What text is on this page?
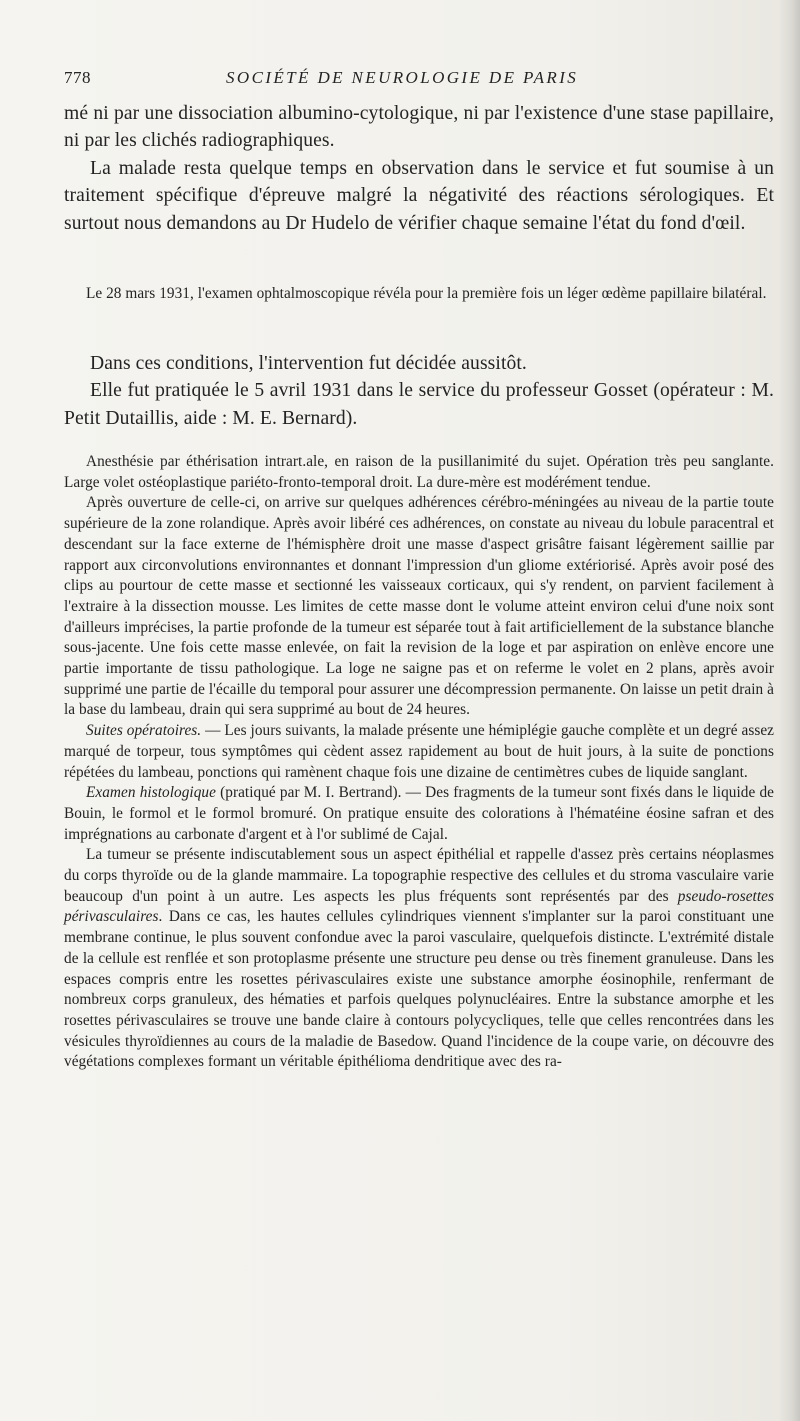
778	SOCIÉTÉ DE NEUROLOGIE DE PARIS

mé ni par une dissociation albumino-cytologique, ni par l'existence d'une stase papillaire, ni par les clichés radiographiques.

La malade resta quelque temps en observation dans le service et fut soumise à un traitement spécifique d'épreuve malgré la négativité des réactions sérologiques. Et surtout nous demandons au Dr Hudelo de vérifier chaque semaine l'état du fond d'œil.

Le 28 mars 1931, l'examen ophtalmoscopique révéla pour la première fois un léger œdème papillaire bilatéral.

Dans ces conditions, l'intervention fut décidée aussitôt.

Elle fut pratiquée le 5 avril 1931 dans le service du professeur Gosset (opérateur : M. Petit Dutaillis, aide : M. E. Bernard).

Anesthésie par éthérisation intrart.ale, en raison de la pusillanimité du sujet. Opération très peu sanglante. Large volet ostéoplastique pariéto-fronto-temporal droit. La dure-mère est modérément tendue.

Après ouverture de celle-ci, on arrive sur quelques adhérences cérébro-méningées au niveau de la partie toute supérieure de la zone rolandique. Après avoir libéré ces adhérences, on constate au niveau du lobule paracentral et descendant sur la face externe de l'hémisphère droit une masse d'aspect grisâtre faisant légèrement saillie par rapport aux circonvolutions environnantes et donnant l'impression d'un gliome extériorisé. Après avoir posé des clips au pourtour de cette masse et sectionné les vaisseaux corticaux, qui s'y rendent, on parvient facilement à l'extraire à la dissection mousse. Les limites de cette masse dont le volume atteint environ celui d'une noix sont d'ailleurs imprécises, la partie profonde de la tumeur est séparée tout à fait artificiellement de la substance blanche sous-jacente. Une fois cette masse enlevée, on fait la revision de la loge et par aspiration on enlève encore une partie importante de tissu pathologique. La loge ne saigne pas et on referme le volet en 2 plans, après avoir supprimé une partie de l'écaille du temporal pour assurer une décompression permanente. On laisse un petit drain à la base du lambeau, drain qui sera supprimé au bout de 24 heures.

Suites opératoires. — Les jours suivants, la malade présente une hémiplégie gauche complète et un degré assez marqué de torpeur, tous symptômes qui cèdent assez rapidement au bout de huit jours, à la suite de ponctions répétées du lambeau, ponctions qui ramènent chaque fois une dizaine de centimètres cubes de liquide sanglant.

Examen histologique (pratiqué par M. I. Bertrand). — Des fragments de la tumeur sont fixés dans le liquide de Bouin, le formol et le formol bromuré. On pratique ensuite des colorations à l'hématéine éosine safran et des imprégnations au carbonate d'argent et à l'or sublimé de Cajal.

La tumeur se présente indiscutablement sous un aspect épithélial et rappelle d'assez près certains néoplasmes du corps thyroïde ou de la glande mammaire. La topographie respective des cellules et du stroma vasculaire varie beaucoup d'un point à un autre. Les aspects les plus fréquents sont représentés par des pseudo-rosettes périvasculaires. Dans ce cas, les hautes cellules cylindriques viennent s'implanter sur la paroi constituant une membrane continue, le plus souvent confondue avec la paroi vasculaire, quelquefois distincte. L'extrémité distale de la cellule est renflée et son protoplasme présente une structure peu dense ou très finement granuleuse. Dans les espaces compris entre les rosettes périvasculaires existe une substance amorphe éosinophile, renfermant de nombreux corps granuleux, des hématies et parfois quelques polynucléaires. Entre la substance amorphe et les rosettes périvasculaires se trouve une bande claire à contours polycycliques, telle que celles rencontrées dans les vésicules thyroïdiennes au cours de la maladie de Basedow. Quand l'incidence de la coupe varie, on découvre des végétations complexes formant un véritable épithélioma dendritique avec des ra-
